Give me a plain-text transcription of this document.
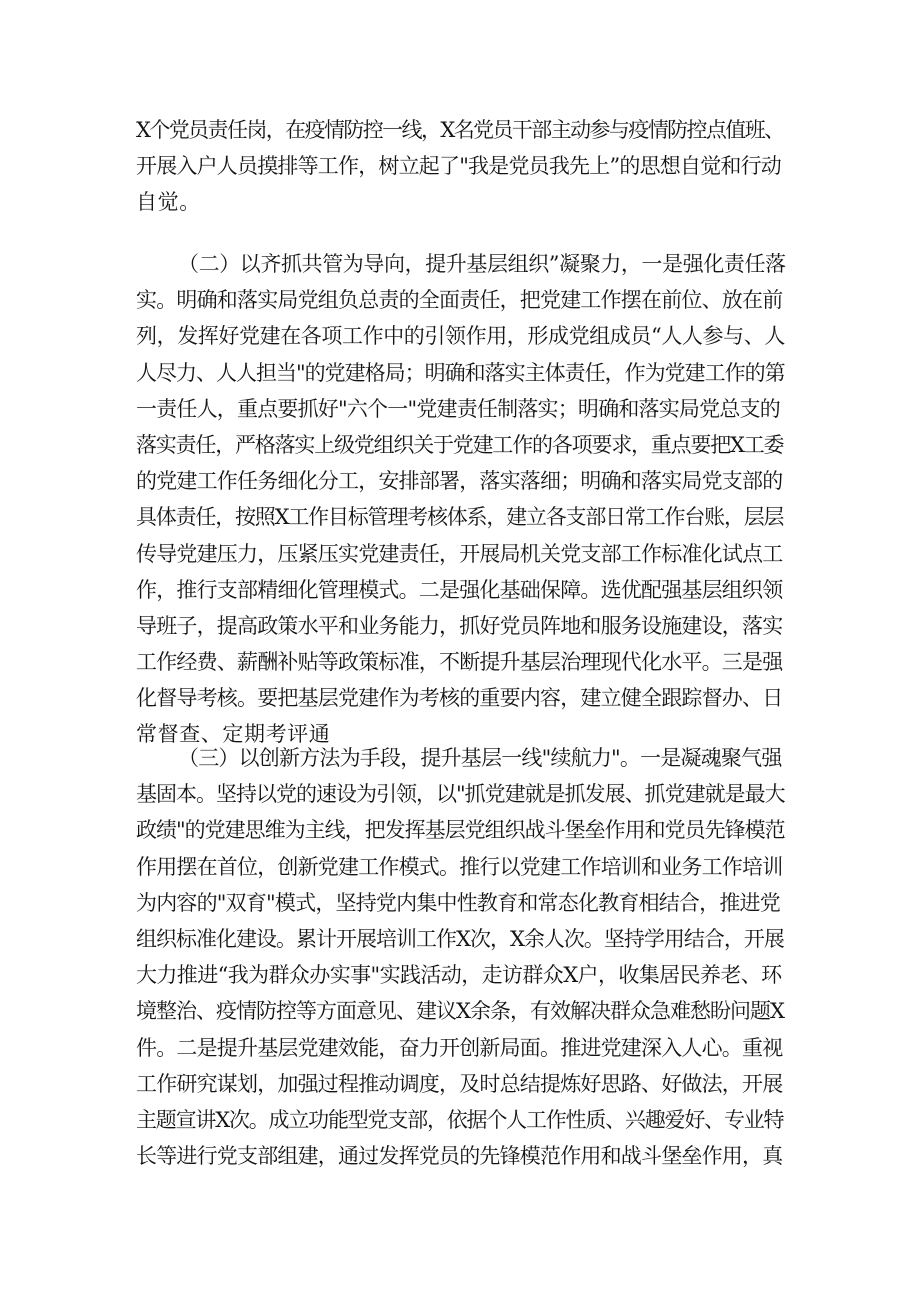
X个党员责任岗，在疫情防控一线，X名党员干部主动参与疫情防控点值班、
开展入户人员摸排等工作，树立起了"我是党员我先上”的思想自觉和行动
自觉。
（二）以齐抓共管为导向，提升基层组织”凝聚力，一是强化责任落
实。明确和落实局党组负总责的全面责任，把党建工作摆在前位、放在前
列，发挥好党建在各项工作中的引领作用，形成党组成员“人人参与、人
人尽力、人人担当"的党建格局；明确和落实主体责任，作为党建工作的第
一责任人，重点要抓好"六个一"党建责任制落实；明确和落实局党总支的
落实责任，严格落实上级党组织关于党建工作的各项要求，重点要把X工委
的党建工作任务细化分工，安排部署，落实落细；明确和落实局党支部的
具体责任，按照X工作目标管理考核体系，建立各支部日常工作台账，层层
传导党建压力，压紧压实党建责任，开展局机关党支部工作标准化试点工
作，推行支部精细化管理模式。二是强化基础保障。选优配强基层组织领
导班子，提高政策水平和业务能力，抓好党员阵地和服务设施建设，落实
工作经费、薪酬补贴等政策标准，不断提升基层治理现代化水平。三是强
化督导考核。要把基层党建作为考核的重要内容，建立健全跟踪督办、日
常督查、定期考评通
（三）以创新方法为手段，提升基层一线"续航力"。一是凝魂聚气强
基固本。坚持以党的速设为引领，以"抓党建就是抓发展、抓党建就是最大
政绩"的党建思维为主线，把发挥基层党组织战斗堡垒作用和党员先锋模范
作用摆在首位，创新党建工作模式。推行以党建工作培训和业务工作培训
为内容的"双育"模式，坚持党内集中性教育和常态化教育相结合，推进党
组织标准化建设。累计开展培训工作X次，X余人次。坚持学用结合，开展
大力推进“我为群众办实事"实践活动，走访群众X户，收集居民养老、环
境整治、疫情防控等方面意见、建议X余条，有效解决群众急难愁盼问题X
件。二是提升基层党建效能，奋力开创新局面。推进党建深入人心。重视
工作研究谋划，加强过程推动调度，及时总结提炼好思路、好做法，开展
主题宣讲X次。成立功能型党支部，依据个人工作性质、兴趣爱好、专业特
长等进行党支部组建，通过发挥党员的先锋模范作用和战斗堡垒作用，真
